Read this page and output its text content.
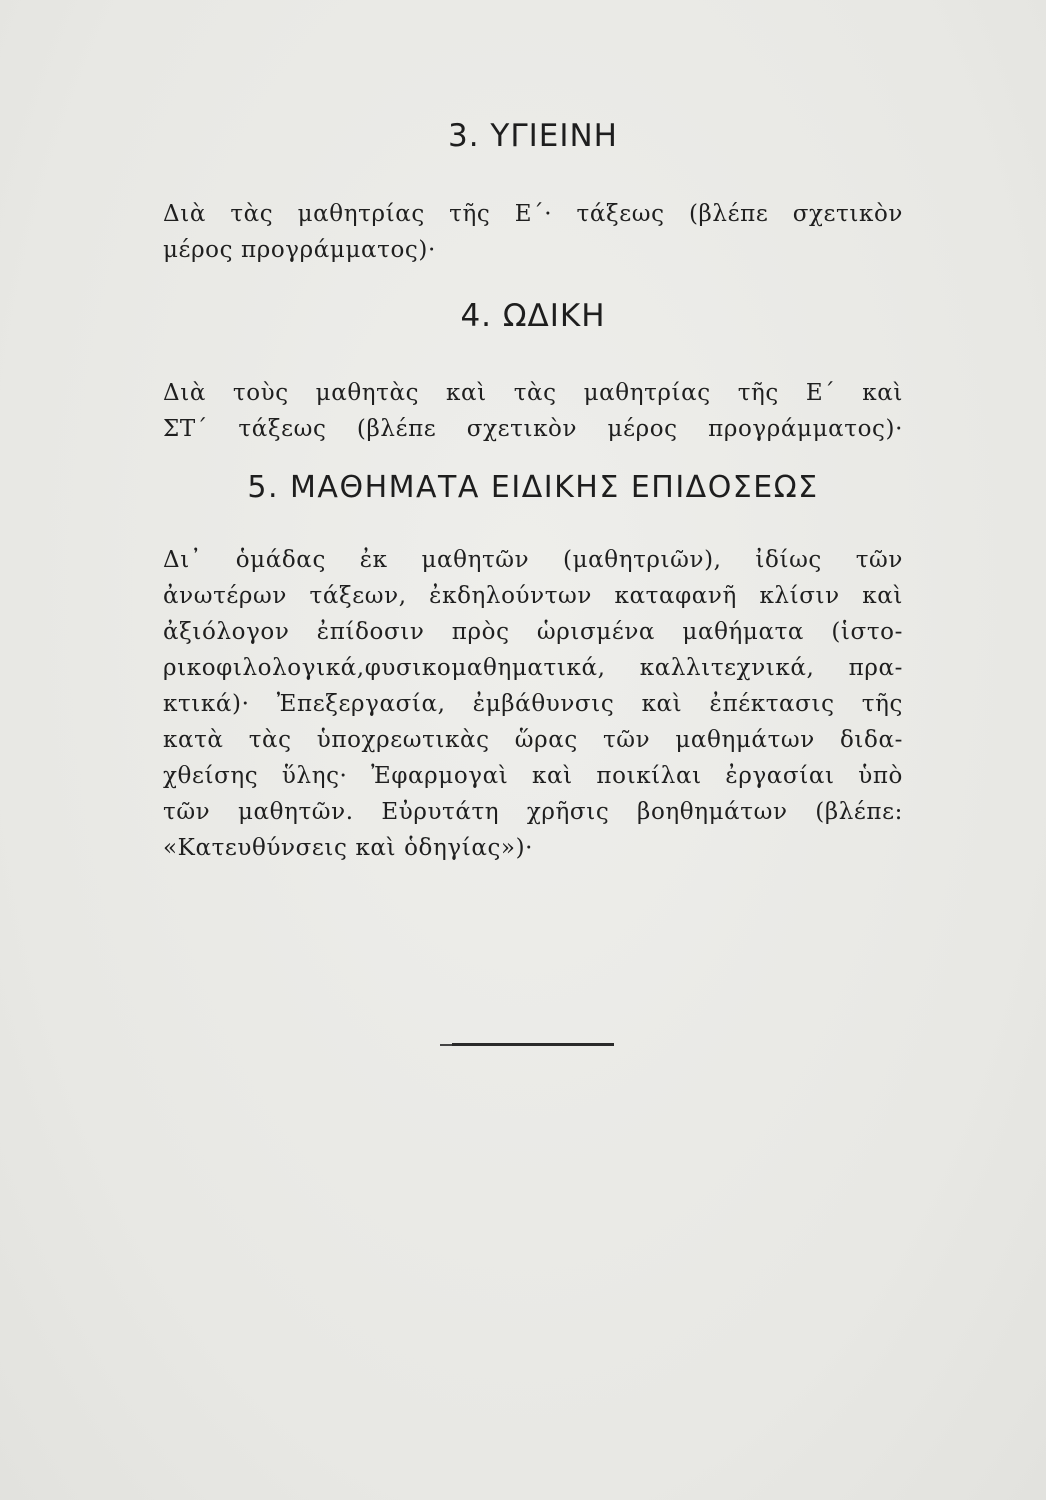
3. ΥΓΙΕΙΝΗ
Διὰ τὰς μαθητρίας τῆς Ε΄· τάξεως (βλέπε σχετικὸν
μέρος προγράμματος)·
4. ΩΔΙΚΗ
Διὰ τοὺς μαθητὰς καὶ τὰς μαθητρίας τῆς Ε΄ καὶ
ΣΤ΄ τάξεως (βλέπε σχετικὸν μέρος προγράμματος)·
5. ΜΑΘΗΜΑΤΑ ΕΙΔΙΚΗΣ ΕΠΙΔΟΣΕΩΣ
Δι᾿ ὁμάδας ἐκ μαθητῶν (μαθητριῶν), ἰδίως τῶν
ἀνωτέρων τάξεων, ἐκδηλούντων καταφανῆ κλίσιν καὶ
ἀξιόλογον ἐπίδοσιν πρὸς ὡρισμένα μαθήματα (ἱστο-
ρικοφιλολογικά,φυσικομαθηματικά, καλλιτεχνικά, πρα-
κτικά)· Ἐπεξεργασία, ἐμβάθυνσις καὶ ἐπέκτασις τῆς
κατὰ τὰς ὑποχρεωτικὰς ὥρας τῶν μαθημάτων διδα-
χθείσης ὕλης· Ἐφαρμογαὶ καὶ ποικίλαι ἐργασίαι ὑπὸ
τῶν μαθητῶν. Εὐρυτάτη χρῆσις βοηθημάτων (βλέπε:
«Κατευθύνσεις καὶ ὁδηγίας»)·
